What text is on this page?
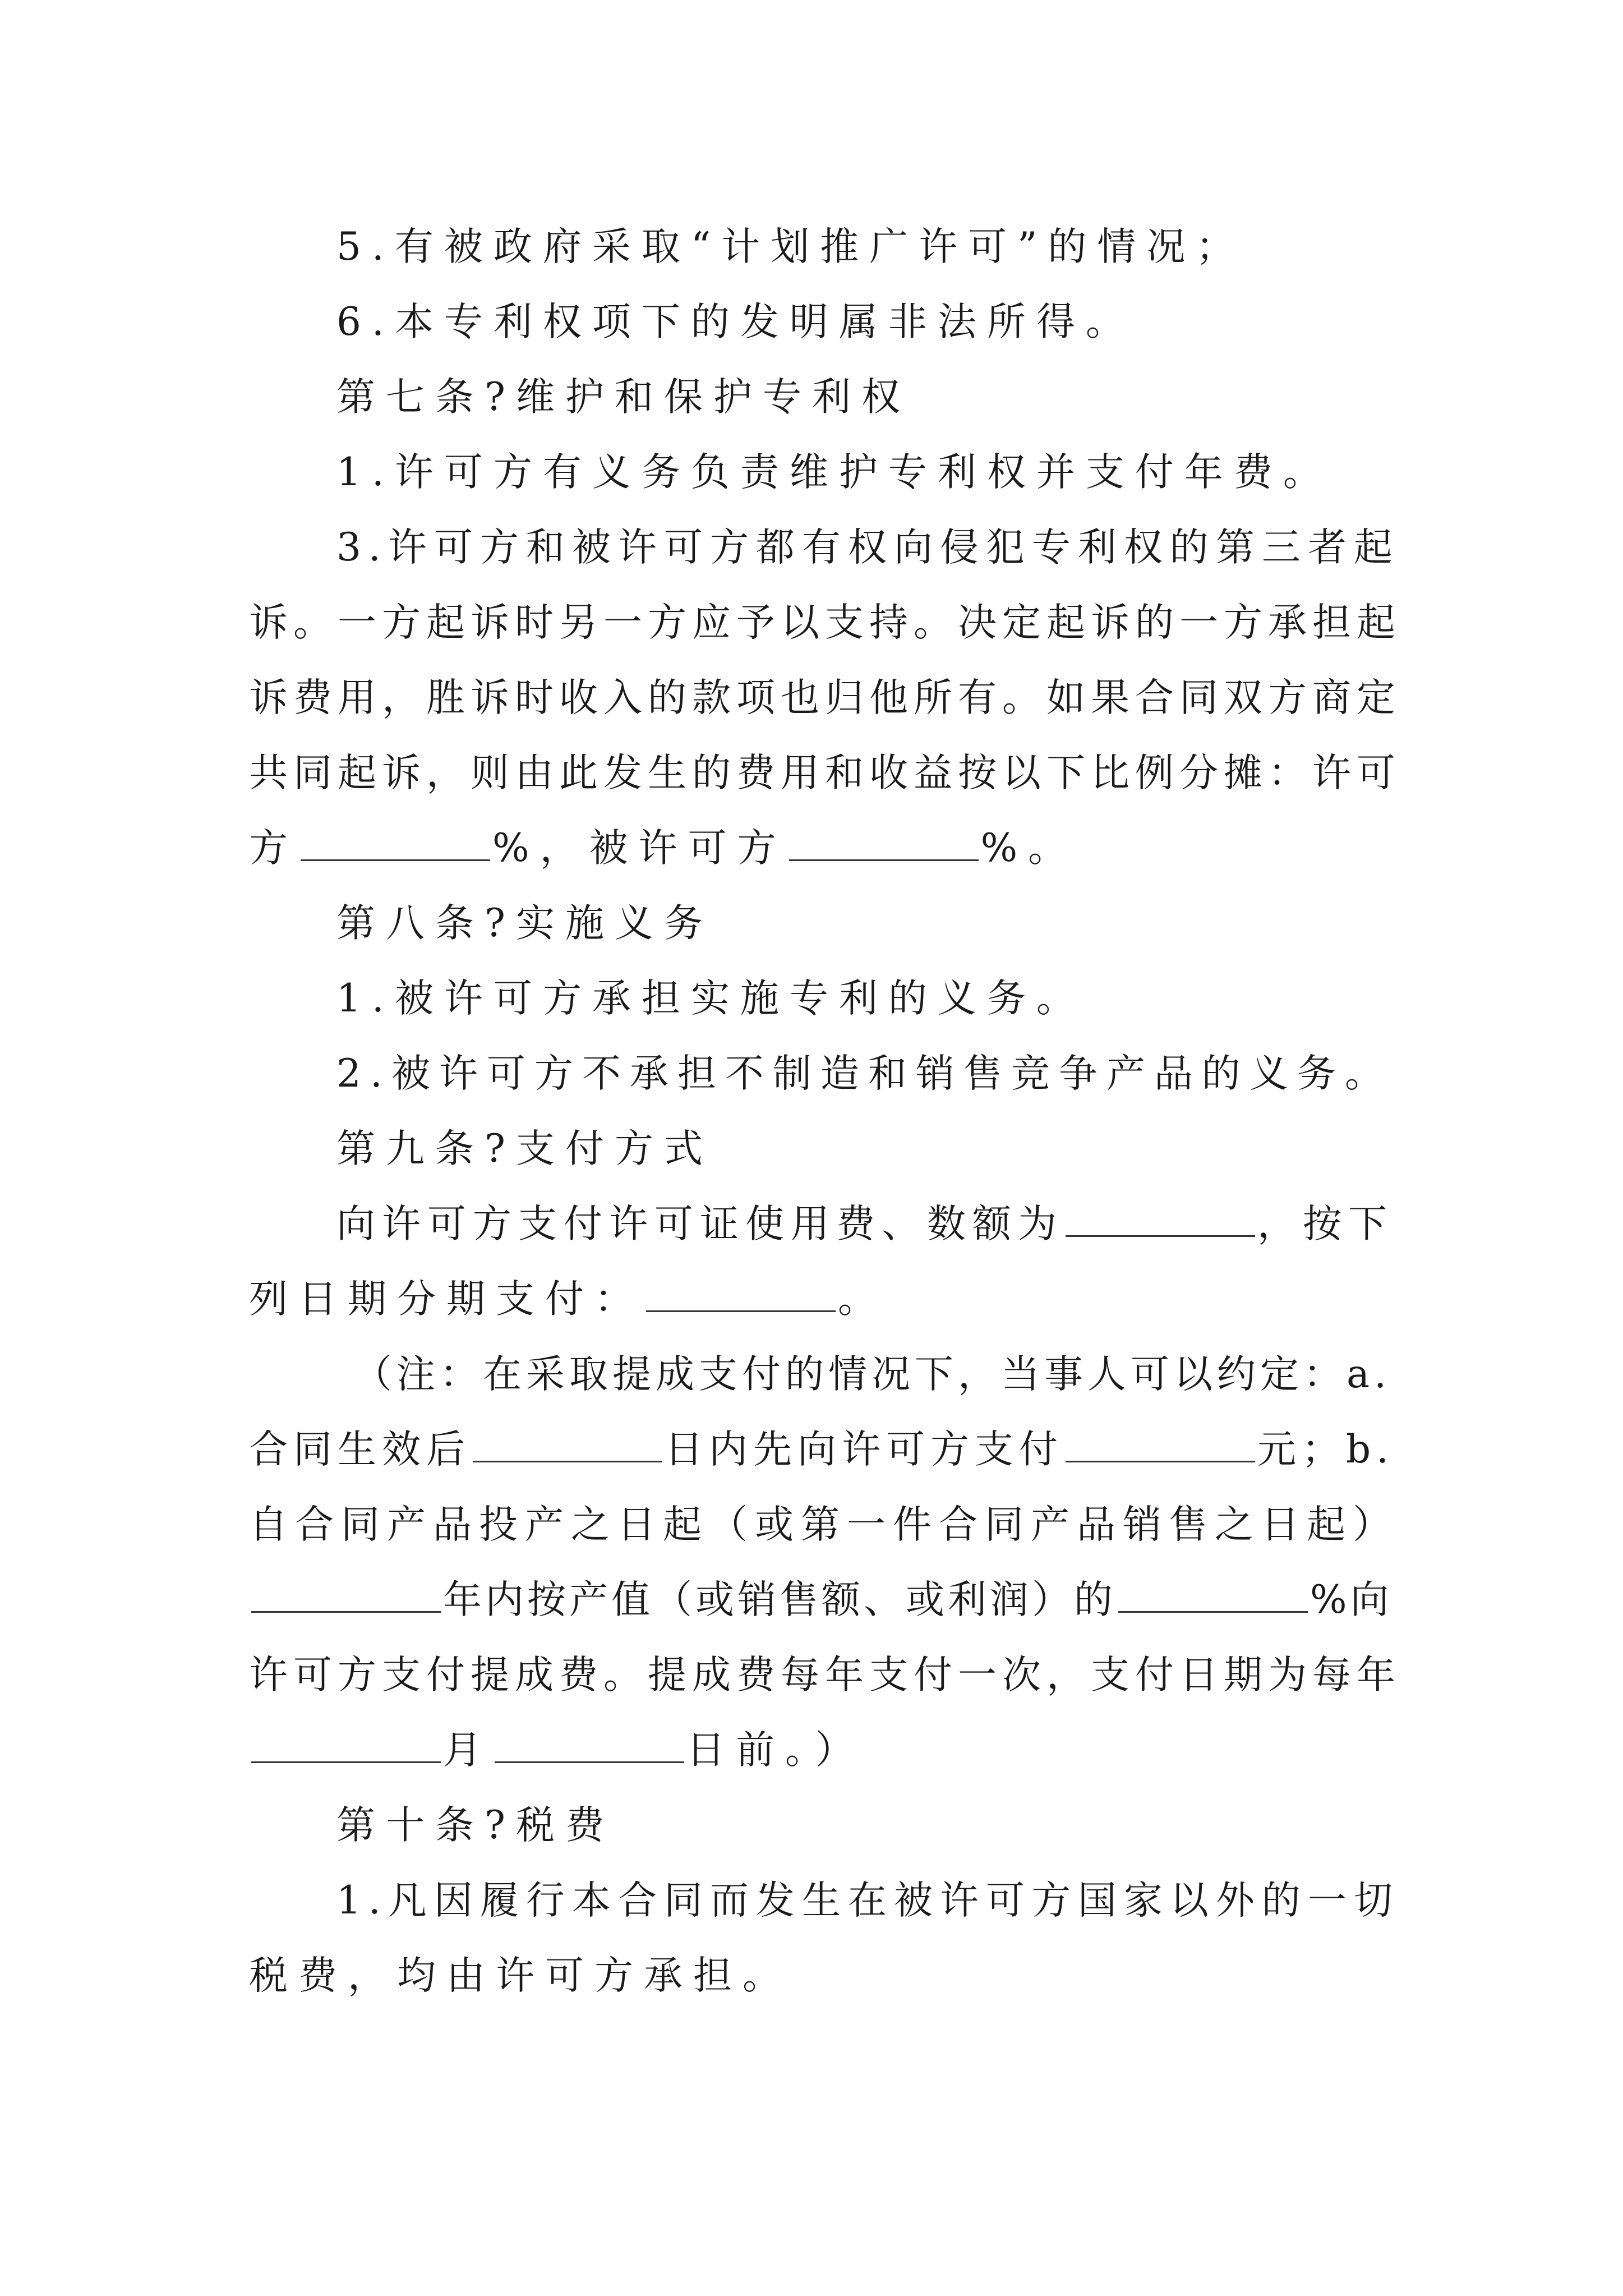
5.有被政府采取“计划推广许可”的情况；
6.本专利权项下的发明属非法所得。
第七条?维护和保护专利权
1.许可方有义务负责维护专利权并支付年费。
3.许可方和被许可方都有权向侵犯专利权的第三者起
诉。一方起诉时另一方应予以支持。决定起诉的一方承担起
诉费用，胜诉时收入的款项也归他所有。如果合同双方商定
共同起诉，则由此发生的费用和收益按以下比例分摊：许可
方	%，被许可方	%。
第八条?实施义务
1.被许可方承担实施专利的义务。
2.被许可方不承担不制造和销售竞争产品的义务。
第九条?支付方式
向许可方支付许可证使用费、数额为	，按下
列日期分期支付：	。
（注：在采取提成支付的情况下，当事人可以约定：a.
合同生效后	日内先向许可方支付	元；b.
自合同产品投产之日起（或第一件合同产品销售之日起）
年内按产值（或销售额、或利润）的	%向
许可方支付提成费。提成费每年支付一次，支付日期为每年
月	日前。）
第十条?税费
1.凡因履行本合同而发生在被许可方国家以外的一切
税费，均由许可方承担。
